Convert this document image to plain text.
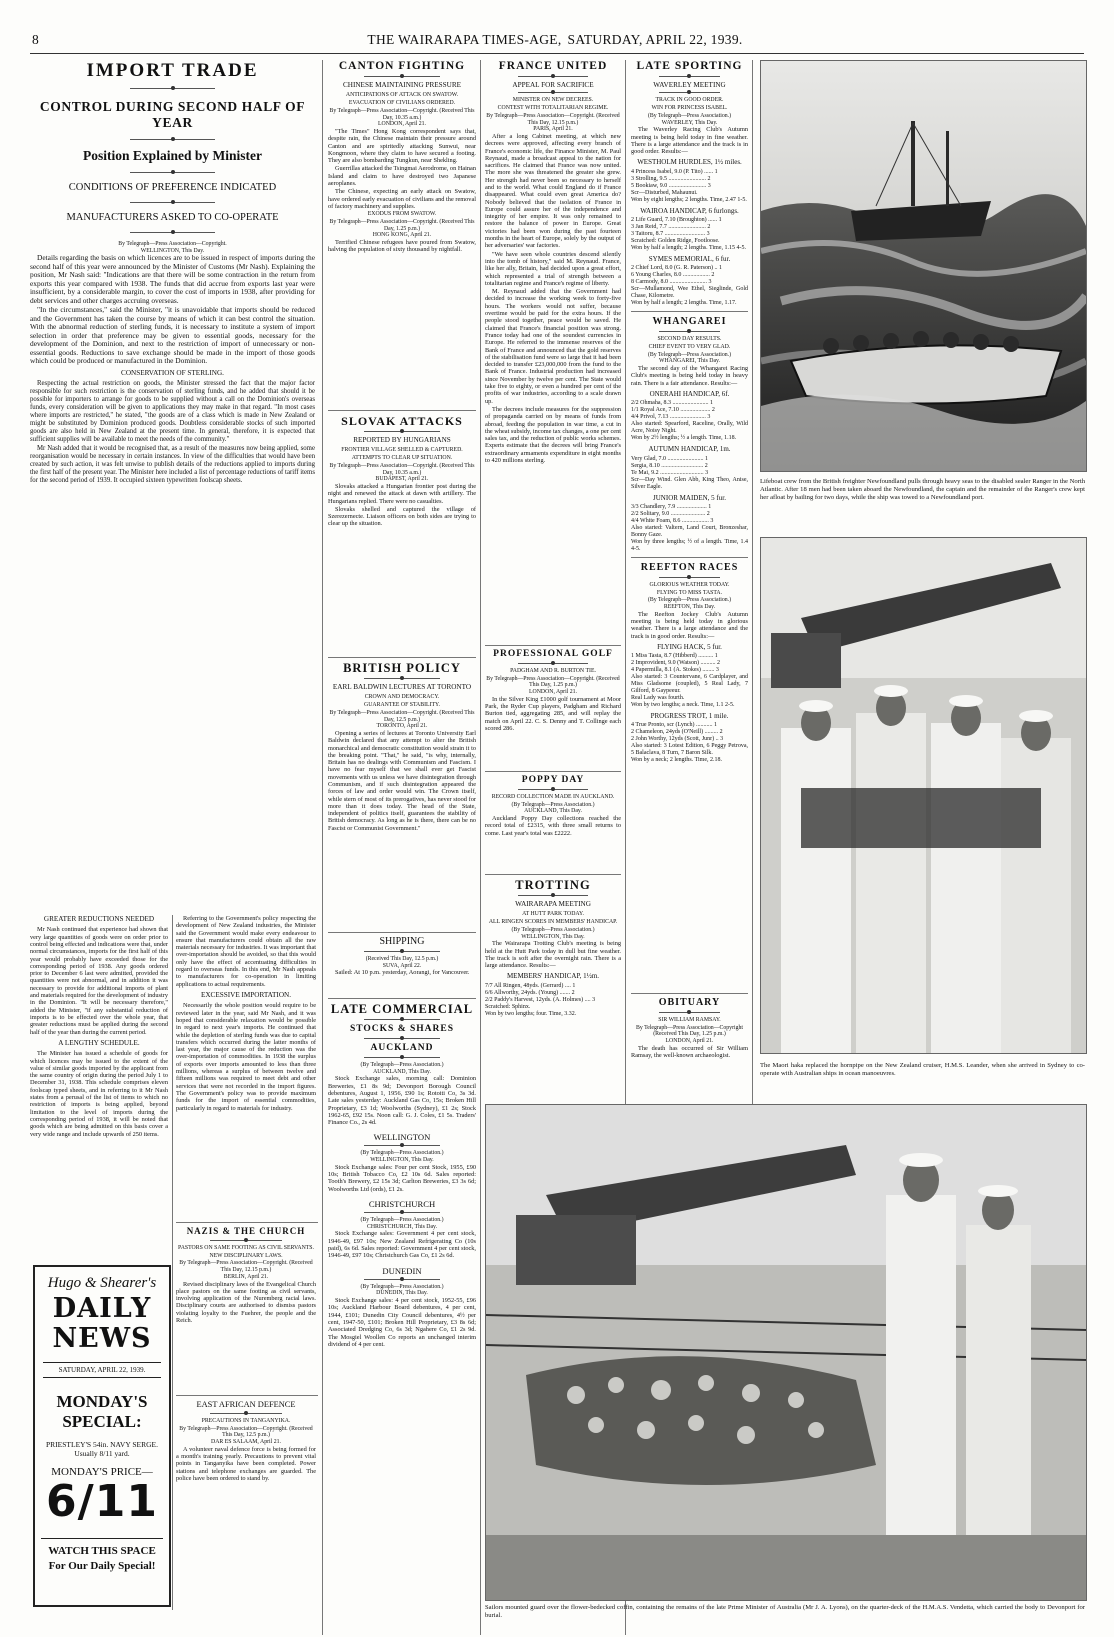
8	THE WAIRARAPA TIMES-AGE, SATURDAY, APRIL 22, 1939.
IMPORT TRADE
CONTROL DURING SECOND HALF OF YEAR
Position Explained by Minister
CONDITIONS OF PREFERENCE INDICATED
MANUFACTURERS ASKED TO CO-OPERATE
By Telegraph—Press Association—Copyright.
WELLINGTON, This Day.

Details regarding the basis on which licences are to be issued in respect of imports during the second half of this year were announced by the Minister of Customs (Mr Nash). Explaining the position, Mr Nash said: "Indications are that there will be some contraction in the return from exports this year compared with 1938. The funds that did accrue from exports last year were insufficient, by a considerable margin, to cover the cost of imports in 1938, after providing for debt services and other charges accruing overseas.

"In the circumstances," said the Minister, "it is unavoidable that imports should be reduced and the Government has taken the course by means of which it can best control the situation. With the abnormal reduction of sterling funds, it is necessary to institute a system of import selection in order that preference may be given to essential goods, necessary for the development of the Dominion, and next to the restriction of import of unnecessary or non-essential goods. Reductions to save exchange should be made in the import of those goods which could be produced or manufactured in the Dominion.

CONSERVATION OF STERLING.

Respecting the actual restriction on goods, the Minister stressed the fact that the major factor responsible for such restriction is the conservation of sterling funds, and he added that should it be possible for importers to arrange for goods to be supplied without a call on the Dominion's overseas funds, every consideration will be given to applications they may make in that regard. "In most cases where imports are restricted," he stated, "the goods are of a class which is made in New Zealand or might be substituted by Dominion produced goods. Doubtless considerable stocks of such imported goods are also held in New Zealand at the present time. In general, therefore, it is expected that sufficient supplies will be available to meet the needs of the community."

Mr Nash added that it would be recognised that, as a result of the measures now being applied, some reorganisation would be necessary in certain instances. In view of the difficulties that would have been created by such action, it was felt unwise to publish details of the reductions applied to imports during the first half of the present year. The Minister here included a list of percentage reductions of tariff items for the second period of 1939. It occupied sixteen typewritten foolscap sheets.

GREATER REDUCTIONS NEEDED

Mr Nash continued that experience had shown that very large quantities of goods were on order prior to control being effected and indications were that, under normal circumstances, imports for the first half of this year would probably have exceeded those for the corresponding period of 1938. Any goods ordered prior to December 6 last were admitted, provided the quantities were not abnormal, and in addition it was necessary to provide for additional imports of plant and materials required for the development of industry in the Dominion. "It will be necessary therefore," added the Minister, "if any substantial reduction of imports is to be effected over the whole year, that greater reductions must be applied during the second half of the year than during the current period.

A LENGTHY SCHEDULE.

The Minister has issued a schedule of goods for which licences may be issued to the extent of the value of similar goods imported by the applicant from the same country of origin during the period July 1 to December 31, 1938. This schedule comprises eleven foolscap typed sheets, and in referring to it Mr Nash states from a perusal of the list of items to which no restriction of imports is being applied, beyond limitation to the level of imports during the corresponding period of 1938, it will be noted that goods which are being admitted on this basis cover a very wide range and include upwards of 250 items.

Referring to the Government's policy respecting the development of New Zealand industries, the Minister said the Government would make every endeavour to ensure that manufacturers could obtain all the raw materials necessary for industries. It was important that over-importation should be avoided, so that this would only have the effect of accentuating difficulties in regard to overseas funds. In this end, Mr Nash appeals to manufacturers for co-operation in limiting applications to actual requirements.

EXCESSIVE IMPORTATION.

Necessarily the whole position would require to be reviewed later in the year, said Mr Nash, and it was hoped that considerable relaxation would be possible in regard to next year's imports. He continued that while the depletion of sterling funds was due to capital transfers which occurred during the latter months of last year, the major cause of the reduction was the over-importation of commodities. In 1938 the surplus of exports over imports amounted to less than three millions, whereas a surplus of between twelve and fifteen millions was required to meet debt and other services that were not recorded in the import figures. The Government's policy was to provide maximum funds for the import of essential commodities, particularly in regard to materials for industry.

Hugo & Shearer's
DAILY NEWS
SATURDAY, APRIL 22, 1939.
MONDAY'S SPECIAL:
PRIESTLEY'S 54in. NAVY SERGE. Usually 8/11 yard.
MONDAY'S PRICE—
6/11
WATCH THIS SPACE
For Our Daily Special!
NAZIS & THE CHURCH
PASTORS ON SAME FOOTING AS CIVIL SERVANTS.
NEW DISCIPLINARY LAWS.
By Telegraph—Press Association—Copyright. (Received This Day, 12.15 p.m.)
BERLIN, April 21.

Revised disciplinary laws of the Evangelical Church place pastors on the same footing as civil servants, involving application of the Nuremberg racial laws. Disciplinary courts are authorised to dismiss pastors violating loyalty to the Fuehrer, the people and the Reich.

EAST AFRICAN DEFENCE
PRECAUTIONS IN TANGANYIKA.
By Telegraph—Press Association—Copyright. (Received This Day, 12.5 p.m.)
DAR ES SALAAM, April 21.

A volunteer naval defence force is being formed for a month's training yearly. Precautions to prevent vital points in Tanganyika have been completed. Power stations and telephone exchanges are guarded. The police have been ordered to stand by.

CANTON FIGHTING
CHINESE MAINTAINING PRESSURE
ANTICIPATIONS OF ATTACK ON SWATOW.
EVACUATION OF CIVILIANS ORDERED.
By Telegraph—Press Association—Copyright. (Received This Day, 10.35 a.m.)
LONDON, April 21.

"The Times" Hong Kong correspondent says that, despite rain, the Chinese maintain their pressure around Canton and are spiritedly attacking Sunwui, near Kongmoon, where they claim to have secured a footing. They are also bombarding Tungkun, near Shekling.

Guerrillas attacked the Tsingmai Aerodrome, on Hainan Island and claim to have destroyed two Japanese aeroplanes.

The Chinese, expecting an early attack on Swatow, have ordered early evacuation of civilians and the removal of factory machinery and supplies.

EXODUS FROM SWATOW.
By Telegraph—Press Association—Copyright. (Received This Day, 1.25 p.m.)
HONG KONG, April 21.

Terrified Chinese refugees have poured from Swatow, halving the population of sixty thousand by nightfall.

SLOVAK ATTACKS
REPORTED BY HUNGARIANS
FRONTIER VILLAGE SHELLED & CAPTURED.
ATTEMPTS TO CLEAR UP SITUATION.
By Telegraph—Press Association—Copyright. (Received This Day, 10.35 a.m.)
BUDAPEST, April 21.

Slovaks attacked a Hungarian frontier post during the night and renewed the attack at dawn with artillery. The Hungarians replied. There were no casualties.

Slovaks shelled and captured the village of Szerezernecte. Liaison officers on both sides are trying to clear up the situation.

BRITISH POLICY
EARL BALDWIN LECTURES AT TORONTO
CROWN AND DEMOCRACY.
GUARANTEE OF STABILITY.
By Telegraph—Press Association—Copyright. (Received This Day, 12.5 p.m.)
TORONTO, April 21.

Opening a series of lectures at Toronto University Earl Baldwin declared that any attempt to alter the British monarchical and democratic constitution would strain it to the breaking point. "That," he said, "is why, internally, Britain has no dealings with Communism and Fascism. I have no fear myself that we shall ever get Fascist movements with us unless we have disintegration through Communism, and if such disintegration appeared the forces of law and order would win. The Crown itself, while stern of most of its prerogatives, has never stood for more than it does today. The head of the State, independent of politics itself, guarantees the stability of British democracy. As long as he is there, there can be no Fascist or Communist Government."

SHIPPING
(Received This Day, 12.5 p.m.)
SUVA, April 22.

Sailed: At 10 p.m. yesterday, Aorangi, for Vancouver.

LATE COMMERCIAL
STOCKS & SHARES
AUCKLAND
(By Telegraph—Press Association.)
AUCKLAND, This Day.

Stock Exchange sales, morning call: Dominion Breweries, £1 8s 9d; Devonport Borough Council debentures, August 1, 1956, £90 1s; Rotoiti Co, 3s 3d. Late sales yesterday: Auckland Gas Co, 15s; Broken Hill Proprietary, £3 1d; Woolworths (Sydney), £1 2s; Stock 1962-65, £92 15s. Noon call: G. J. Coles, £1 5s. Traders' Finance Co., 2s 4d.

WELLINGTON
(By Telegraph—Press Association.)
WELLINGTON, This Day.

Stock Exchange sales: Four per cent Stock, 1955, £90 10s; British Tobacco Co, £2 10s 6d. Sales reported: Tooth's Brewery, £2 15s 3d; Carlton Breweries, £3 3s 6d; Woolworths Ltd (ords), £1 2s.

CHRISTCHURCH
(By Telegraph—Press Association.)
CHRISTCHURCH, This Day.

Stock Exchange sales: Government 4 per cent stock, 1946-49, £97 10s; New Zealand Refrigerating Co (10s paid), 6s 6d. Sales reported: Government 4 per cent stock, 1946-49, £97 10s; Christchurch Gas Co, £1 2s 6d.

DUNEDIN
(By Telegraph—Press Association.)
DUNEDIN, This Day.

Stock Exchange sales: 4 per cent stock, 1952-55, £96 10s; Auckland Harbour Board debentures, 4 per cent, 1944, £101; Dunedin City Council debentures, 4½ per cent, 1947-50, £101; Broken Hill Proprietary, £3 8s 6d; Associated Dredging Co, 6s 3d; Ngahere Co, £1 2s 9d. The Mosgiel Woollen Co reports an unchanged interim dividend of 4 per cent.

FRANCE UNITED
APPEAL FOR SACRIFICE
MINISTER ON NEW DECREES.
CONTEST WITH TOTALITARIAN REGIME.
By Telegraph—Press Association—Copyright. (Received This Day, 12.15 p.m.)
PARIS, April 21.

After a long Cabinet meeting, at which new decrees were approved, affecting every branch of France's economic life, the Finance Minister, M. Paul Reynaud, made a broadcast appeal to the nation for sacrifices. He claimed that France was now united. The more she was threatened the greater she grew. Her strength had never been so necessary to herself and to the world. What could England do if France disappeared. What could even great America do? Nobody believed that the isolation of France in Europe could assure her of the independence and integrity of her empire. It was only remained to restore the balance of power in Europe. Great victories had been won during the past fourteen months in the heart of Europe, solely by the output of her adversaries' war factories.

"We have seen whole countries descend silently into the tomb of history," said M. Reynaud. France, like her ally, Britain, had decided upon a great effort, which represented a trial of strength between a totalitarian regime and France's regime of liberty.

M. Reynaud added that the Government had decided to increase the working week to forty-five hours. The workers would not suffer, because overtime would be paid for the extra hours. If the people stood together, peace would be saved. He claimed that France's financial position was strong. France today had one of the soundest currencies in Europe. He referred to the immense reserves of the Bank of France and announced that the gold reserves of the stabilisation fund were so large that it had been decided to transfer £23,000,000 from the fund to the Bank of France. Industrial production had increased since November by twelve per cent. The State would take five to eighty, or even a hundred per cent of the profits of war industries, according to a scale drawn up.

The decrees include measures for the suppression of propaganda carried on by means of funds from abroad, feeding the population in war time, a cut in the wheat subsidy, income tax changes, a one per cent sales tax, and the reduction of public works schemes. Experts estimate that the decrees will bring France's extraordinary armaments expenditure in eight months to 420 millions sterling.

PROFESSIONAL GOLF
PADGHAM AND R. BURTON TIE.
By Telegraph—Press Association—Copyright. (Received This Day, 1.25 p.m.)
LONDON, April 21.

In the Silver King £1000 golf tournament at Moor Park, the Ryder Cup players, Padgham and Richard Burton tied, aggregating 285, and will replay the match on April 22. C. S. Denny and T. Collinge each scored 286.

POPPY DAY
RECORD COLLECTION MADE IN AUCKLAND.
(By Telegraph—Press Association.)
AUCKLAND, This Day.

Auckland Poppy Day collections reached the record total of £2315, with three small returns to come. Last year's total was £2222.

TROTTING
WAIRARAPA MEETING
AT HUTT PARK TODAY.
ALL RINGEN SCORES IN MEMBERS' HANDICAP.
(By Telegraph—Press Association.)
WELLINGTON, This Day.

The Wairarapa Trotting Club's meeting is being held at the Hutt Park today in dull but fine weather. The track is soft after the overnight rain. There is a large attendance. Results:—

MEMBERS' HANDICAP, 1½m.
7/7 All Ringen, 48yds. (Gerrard) .... 1
6/6 Allworthy, 24yds. (Young) ....... 2
2/2 Paddy's Harvest, 12yds. (A. Holmes) .... 3
Scratched: Sphinx.
Won by two lengths; four. Time, 3.32.
LATE SPORTING
WAVERLEY MEETING
TRACK IN GOOD ORDER.
WIN FOR PRINCESS ISABEL.
(By Telegraph—Press Association.)
WAVERLEY, This Day.

The Waverley Racing Club's Autumn meeting is being held today in fine weather. There is a large attendance and the track is in good order. Results:—

WESTHOLM HURDLES, 1½ miles.
4 Princess Isabel, 9.0 (P. Tito) ...... 1
3 Strolling, 9.5 ......................... 2
5 Bookiaw, 9.0 ......................... 3
Scr—Disturbed, Mahaunui.
Won by eight lengths; 2 lengths. Time, 2.47 1-5.
WAIROA HANDICAP, 6 furlongs.
2 Life Guard, 7.10 (Broughton) ...... 1
3 Jan Reid, 7.7 ......................... 2
3 Taitoru, 8.7 ........................... 3
Scratched: Golden Ridge, Footloose.
Won by half a length; 2 lengths. Time, 1.15 4-5.
SYMES MEMORIAL, 6 fur.
2 Chief Lord, 8.0 (G. R. Paterson) .. 1
6 Young Charles, 8.0 .................. 2
8 Carmody, 8.0 ......................... 3
Scr—Mullamond, Wee Ethel, Sieglinde, Gold Chase, Kilometre.
Won by half a length; 2 lengths. Time, 1.17.
WHANGAREI
SECOND DAY RESULTS.
CHIEF EVENT TO VERY GLAD.
(By Telegraph—Press Association.)
WHANGAREI, This Day.

The second day of the Whangarei Racing Club's meeting is being held today in heavy rain. There is a fair attendance. Results:—

ONERAHI HANDICAP, 6f.
2/2 Ohmaha, 8.3 ........................ 1
1/1 Royal Ace, 7.10 .................... 2
4/4 Privol, 7.13 ........................ 3
Also started: Spearford, Raceline, Orally, Wild Acre, Noisy Night.
Won by 2½ lengths; ½ a length. Time, 1.18.
AUTUMN HANDICAP, 1m.
Very Glad, 7.0 ........................ 1
Sergia, 8.10 ............................ 2
Te Mai, 9.2 ............................. 3
Scr—Day Wind. Glen Abb, King Theo, Anise, Silver Eagle.
JUNIOR MAIDEN, 5 fur.
3/3 Chandlery, 7.9 .................... 1
2/2 Solitary, 9.0 ....................... 2
4/4 White Foam, 8.6 .................. 3
Also started: Valtern, Land Court, Bronzeshar, Bonny Gaze.
Won by three lengths; ½ of a length. Time, 1.4 4-5.
REEFTON RACES
GLORIOUS WEATHER TODAY.
FLYING TO MISS TASTA.
(By Telegraph—Press Association.)
REEFTON, This Day.

The Reefton Jockey Club's Autumn meeting is being held today in glorious weather. There is a large attendance and the track is in good order. Results:—

FLYING HACK, 5 fur.
1 Miss Tasta, 8.7 (Hibberd) .......... 1
2 Improvident, 9.0 (Watson) .......... 2
4 Papermilla, 8.1 (A. Stokes) ........ 3
Also started: 3 Countervane, 6 Cardplayer, and Miss Gladsome (coupled), 5 Real Lady, 7 Gilford, 8 Gaypeeur.
Real Lady was fourth.
Won by two lengths; a neck. Time, 1.1 2-5.
PROGRESS TROT, 1 mile.
4 True Pronto, scr (Lynch) ........... 1
2 Chameleon, 24yds (O'Neill) ......... 2
2 John Worthy, 12yds (Scott, Junr) .. 3
Also started: 3 Lotest Edition, 6 Peggy Petrova, 5 Balaclava, 8 Turn, 7 Baron Silk.
Won by a neck; 2 lengths. Time, 2.18.
OBITUARY
SIR WILLIAM RAMSAY.
By Telegraph—Press Association—Copyright (Received This Day, 1.25 p.m.)
LONDON, April 21.

The death has occurred of Sir William Ramsay, the well-known archaeologist.

Lifeboat crew from the British freighter Newfoundland pulls through heavy seas to the disabled sealer Ranger in the North Atlantic. After 18 men had been taken aboard the Newfoundland, the captain and the remainder of the Ranger's crew kept her afloat by bailing for two days, while the ship was towed to a Newfoundland port.
The Maori haka replaced the hornpipe on the New Zealand cruiser, H.M.S. Leander, when she arrived in Sydney to co-operate with Australian ships in ocean manoeuvres.
Sailors mounted guard over the flower-bedecked coffin, containing the remains of the late Prime Minister of Australia (Mr J. A. Lyons), on the quarter-deck of the H.M.A.S. Vendetta, which carried the body to Devonport for burial.
